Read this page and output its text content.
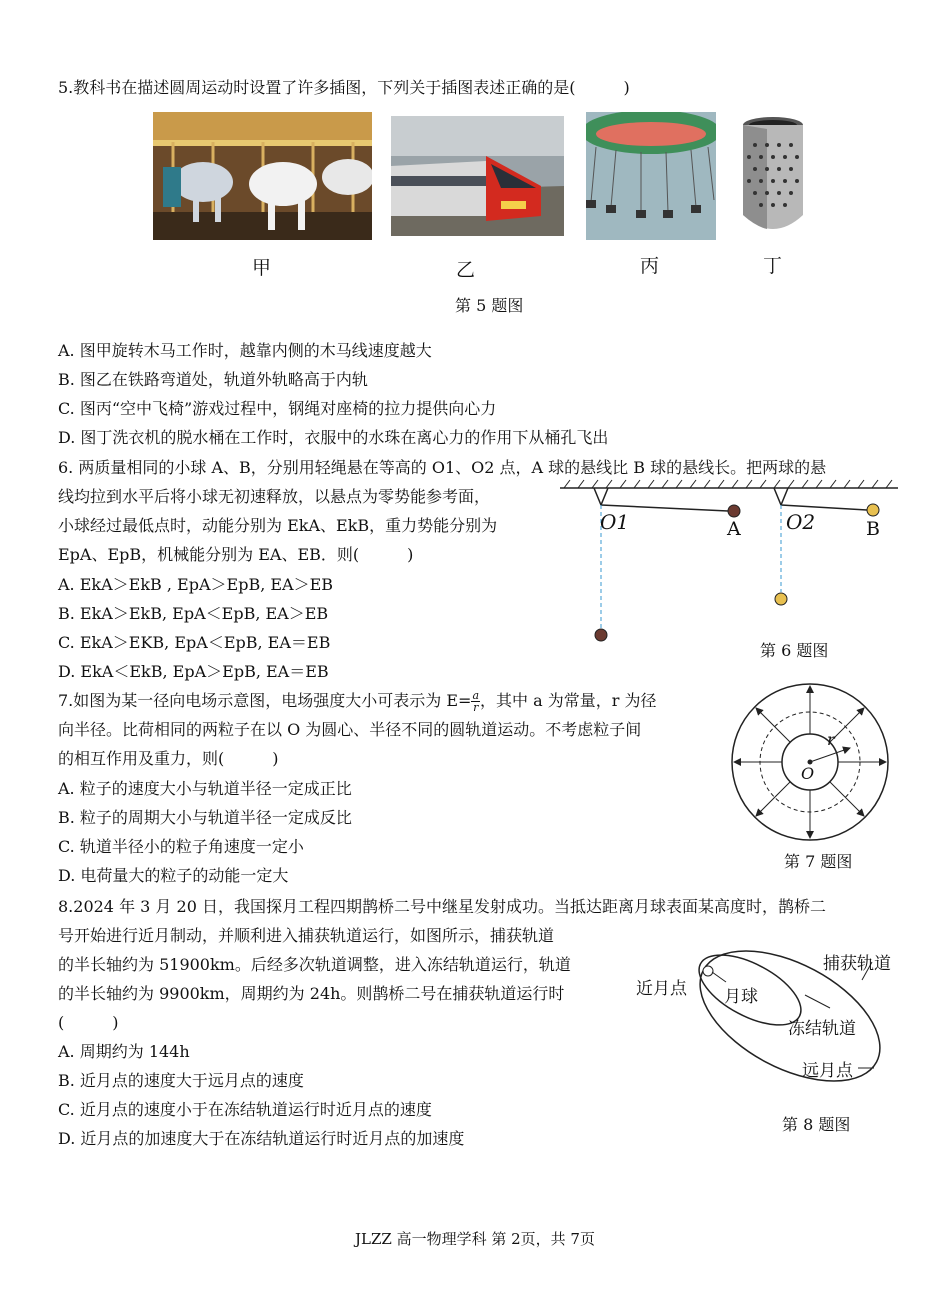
5.教科书在描述圆周运动时设置了许多插图，下列关于插图表述正确的是(　　　)
甲	乙	丙	丁
第 5 题图
A. 图甲旋转木马工作时，越靠内侧的木马线速度越大
B. 图乙在铁路弯道处，轨道外轨略高于内轨
C. 图丙“空中飞椅”游戏过程中，钢绳对座椅的拉力提供向心力
D. 图丁洗衣机的脱水桶在工作时，衣服中的水珠在离心力的作用下从桶孔飞出
6. 两质量相同的小球 A、B，分别用轻绳悬在等高的 O1、O2 点，A 球的悬线比 B 球的悬线长。把两球的悬
线均拉到水平后将小球无初速释放，以悬点为零势能参考面，
小球经过最低点时，动能分别为 EkA、EkB，重力势能分别为
EpA、EpB，机械能分别为 EA、EB．则(　　　)
A. EkA＞EkB , EpA＞EpB, EA＞EB
B. EkA＞EkB, EpA＜EpB, EA＞EB
C. EkA＞EKB, EpA＜EpB, EA＝EB
D. EkA＜EkB, EpA＞EpB, EA＝EB
O1	A O2	B
第 6 题图
7.如图为某一径向电场示意图，电场强度大小可表示为 $E= \frac{a}{r}$ ，其中 a 为常量，r 为径
向半径。比荷相同的两粒子在以 O 为圆心、半径不同的圆轨道运动。不考虑粒子间
的相互作用及重力，则(　　　)
A. 粒子的速度大小与轨道半径一定成正比
B. 粒子的周期大小与轨道半径一定成反比
C. 轨道半径小的粒子角速度一定小
D. 电荷量大的粒子的动能一定大
r
O
第 7 题图
8.2024 年 3 月 20 日，我国探月工程四期鹊桥二号中继星发射成功。当抵达距离月球表面某高度时，鹊桥二
号开始进行近月制动，并顺利进入捕获轨道运行，如图所示，捕获轨道
的半长轴约为 51900km。后经多次轨道调整，进入冻结轨道运行，轨道
的半长轴约为 9900km，周期约为 24h。则鹊桥二号在捕获轨道运行时
(　　　)
A. 周期约为 144h
B. 近月点的速度大于远月点的速度
C. 近月点的速度小于在冻结轨道运行时近月点的速度
D. 近月点的加速度大于在冻结轨道运行时近月点的加速度
捕获轨道
近月点 月球
冻结轨道
远月点
第 8 题图
JLZZ 高一物理学科 第 2页，共 7页
